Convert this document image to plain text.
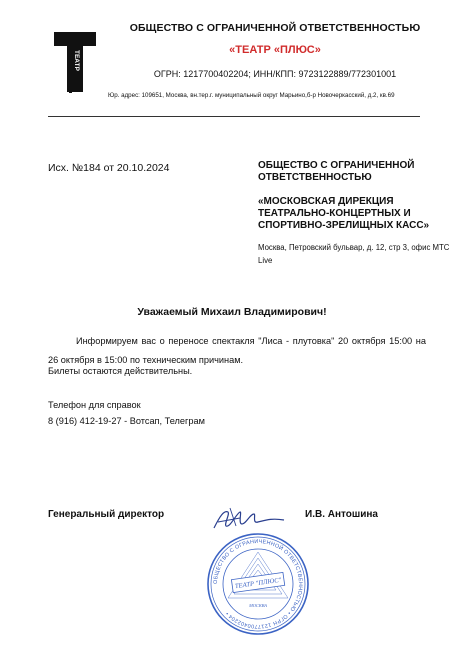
ТЕАТР
ОБЩЕСТВО С ОГРАНИЧЕННОЙ ОТВЕТСТВЕННОСТЬЮ
«ТЕАТР «ПЛЮС»
ОГРН: 1217700402204; ИНН/КПП: 9723122889/772301001
Юр. адрес: 109651, Москва, вн.тер.г. муниципальный округ Марьино,б-р Новочеркасский, д.2, кв.69
Исх. №184 от 20.10.2024	ОБЩЕСТВО С ОГРАНИЧЕННОЙ ОТВЕТСТВЕННОСТЬЮ
«МОСКОВСКАЯ ДИРЕКЦИЯ ТЕАТРАЛЬНО-КОНЦЕРТНЫХ И СПОРТИВНО-ЗРЕЛИЩНЫХ КАСС»
Москва, Петровский бульвар, д. 12, стр 3, офис МТС Live
Уважаемый Михаил Владимирович!
Информируем вас о переносе спектакля "Лиса - плутовка" 20 октября 15:00 на 26 октября в 15:00 по техническим причинам.
Билеты остаются действительны.
Телефон для справок
8 (916) 412-19-27 - Вотсап, Телеграм
Генеральный директор	И.В. Антошина
ОБЩЕСТВО С ОГРАНИЧЕННОЙ ОТВЕТСТВЕННОСТЬЮ • ОГРН 1217700402204 •
ТЕАТР "ПЛЮС"
МОСКВА
